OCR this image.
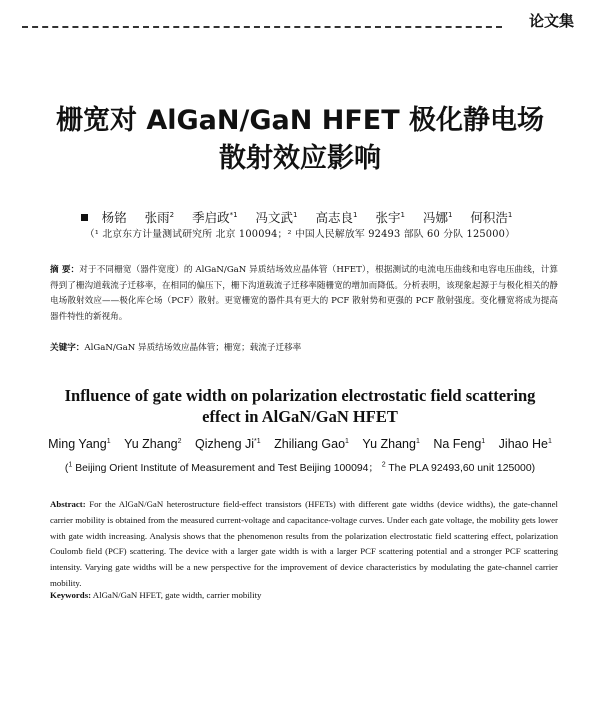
论文集
栅宽对 AlGaN/GaN HFET 极化静电场
散射效应影响
杨铭 张雨$^2$ 季启政$^{*1}$ 冯文武$^1$ 高志良$^1$ 张宇$^1$ 冯娜$^1$ 何积浩$^1$
（¹ 北京东方计量测试研究所 北京 100094；² 中国人民解放军 92493 部队 60 分队 125000）
摘 要：对于不同栅宽（器件宽度）的 AlGaN/GaN 异质结场效应晶体管（HFET），根据测试的电流电压曲线和电容电压曲线，计算得到了栅沟道载流子迁移率，在相同的偏压下，栅下沟道载流子迁移率随栅宽的增加而降低。分析表明，该现象起源于与极化相关的静电场散射效应——极化库仑场（PCF）散射。更宽栅宽的器件具有更大的 PCF 散射势和更强的 PCF 散射强度。变化栅宽将成为提高器件特性的新视角。
关键字：AlGaN/GaN 异质结场效应晶体管；栅宽；载流子迁移率
Influence of gate width on polarization electrostatic field scattering
effect in AlGaN/GaN HFET
Ming Yang$^1$ Yu Zhang$^2$ Qizheng Ji$^{*1}$ Zhiliang Gao$^1$ Yu Zhang$^1$ Na Feng$^1$ Jihao He$^1$
($^1$ Beijing Orient Institute of Measurement and Test Beijing 100094； $^2$ The PLA 92493,60 unit 125000)
Abstract: For the AlGaN/GaN heterostructure field-effect transistors (HFETs) with different gate widths (device widths), the gate-channel carrier mobility is obtained from the measured current-voltage and capacitance-voltage curves. Under each gate voltage, the mobility gets lower with gate width increasing. Analysis shows that the phenomenon results from the polarization electrostatic field scattering effect, polarization Coulomb field (PCF) scattering. The device with a larger gate width is with a larger PCF scattering potential and a stronger PCF scattering intensity. Varying gate widths will be a new perspective for the improvement of device characteristics by modulating the gate-channel carrier mobility.
Keywords: AlGaN/GaN HFET, gate width, carrier mobility
